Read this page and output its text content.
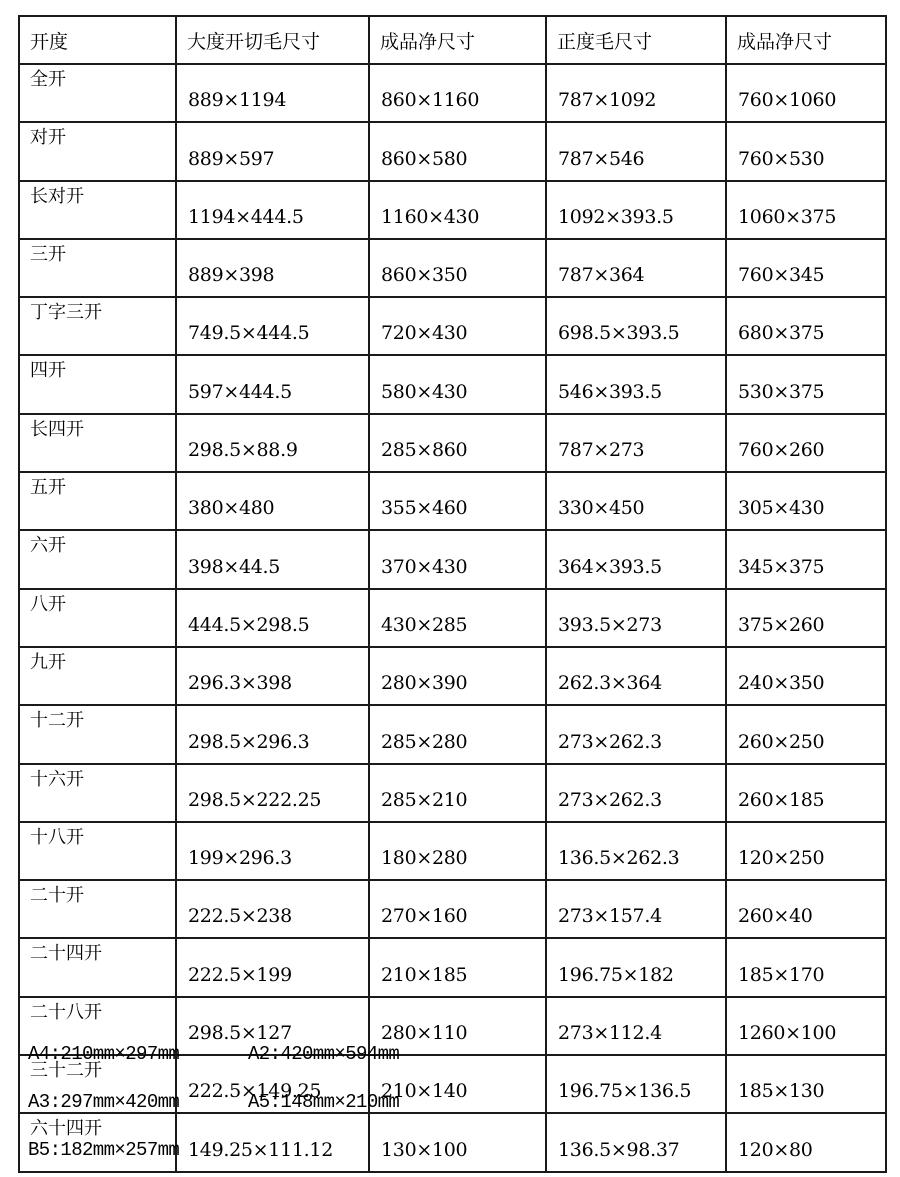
开度	大度开切毛尺寸	成品净尺寸	正度毛尺寸	成品净尺寸
全开	889×1194	860×1160	787×1092	760×1060
对开	889×597	860×580	787×546	760×530
长对开	1194×444.5	1160×430	1092×393.5	1060×375
三开	889×398	860×350	787×364	760×345
丁字三开	749.5×444.5	720×430	698.5×393.5	680×375
四开	597×444.5	580×430	546×393.5	530×375
长四开	298.5×88.9	285×860	787×273	760×260
五开	380×480	355×460	330×450	305×430
六开	398×44.5	370×430	364×393.5	345×375
八开	444.5×298.5	430×285	393.5×273	375×260
九开	296.3×398	280×390	262.3×364	240×350
十二开	298.5×296.3	285×280	273×262.3	260×250
十六开	298.5×222.25	285×210	273×262.3	260×185
十八开	199×296.3	180×280	136.5×262.3	120×250
二十开	222.5×238	270×160	273×157.4	260×40
二十四开	222.5×199	210×185	196.75×182	185×170
二十八开	298.5×127	280×110	273×112.4	1260×100
三十二开	222.5×149.25	210×140	196.75×136.5	185×130
六十四开	149.25×111.12	130×100	136.5×98.37	120×80
A4:210mm×297mm	A2:420mm×594mm
A3:297mm×420mm	A5:148mm×210mm
B5:182mm×257mm
